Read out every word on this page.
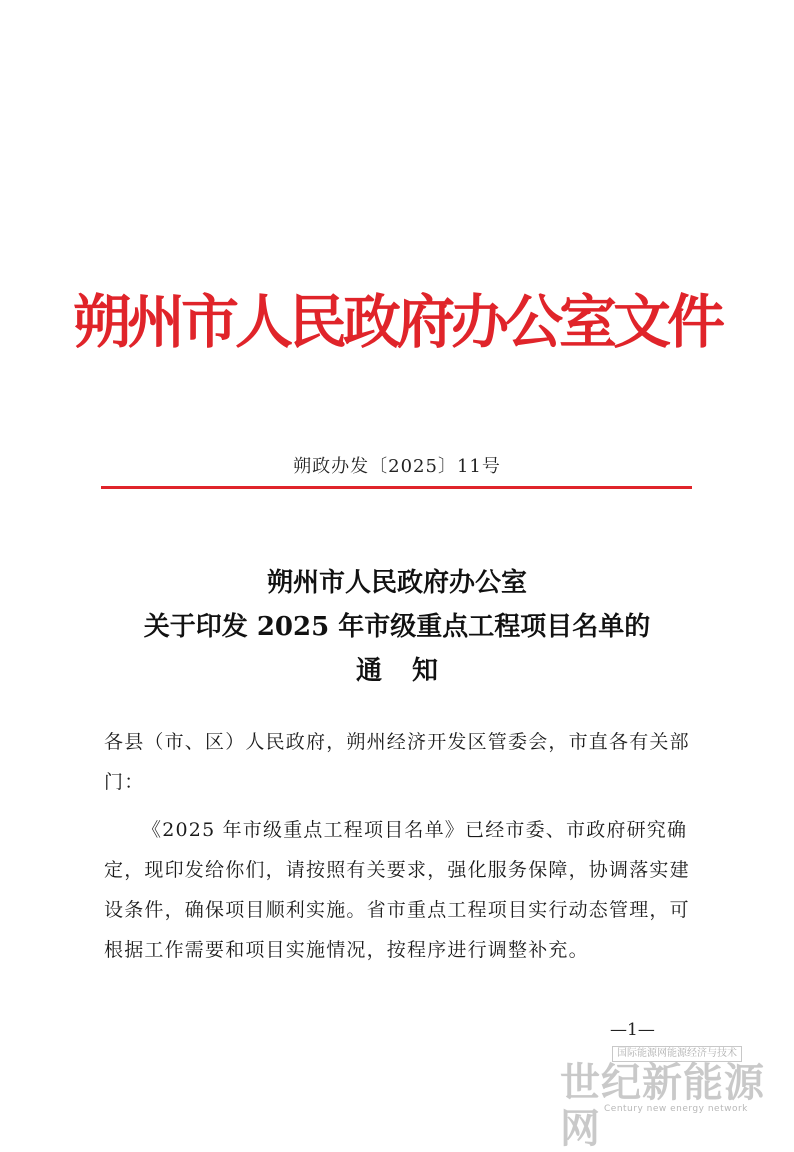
朔州市人民政府办公室文件
朔政办发〔2025〕11号
朔州市人民政府办公室
关于印发 2025 年市级重点工程项目名单的
通知

各县（市、区）人民政府，朔州经济开发区管委会，市直各有关部门：

《2025 年市级重点工程项目名单》已经市委、市政府研究确定，现印发给你们，请按照有关要求，强化服务保障，协调落实建设条件，确保项目顺利实施。省市重点工程项目实行动态管理，可根据工作需要和项目实施情况，按程序进行调整补充。

—1—
国际能源网能源经济与技术
世纪新能源网 Century new energy network
